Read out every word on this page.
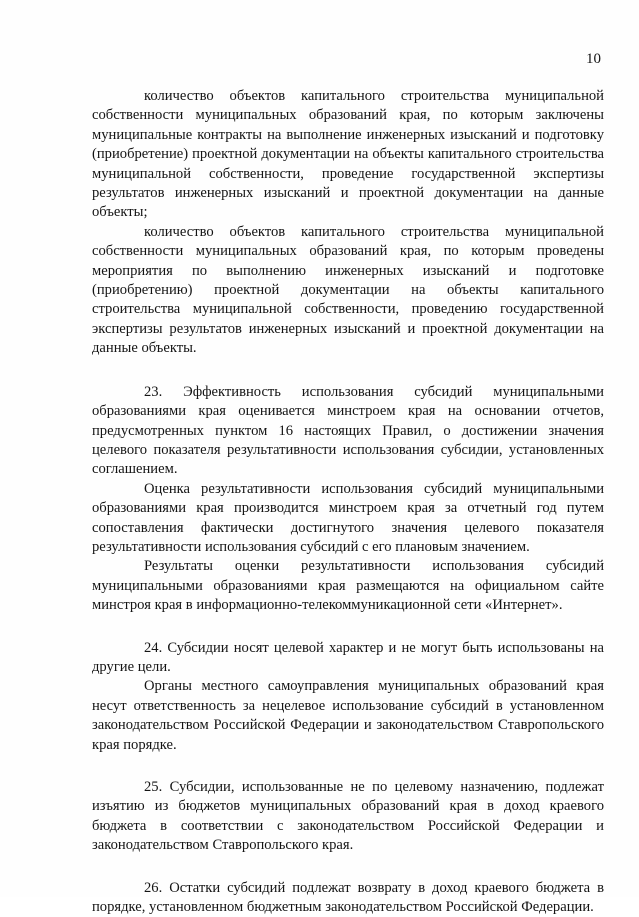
10

количество объектов капитального строительства муниципальной собственности муниципальных образований края, по которым заключены муниципальные контракты на выполнение инженерных изысканий и подготовку (приобретение) проектной документации на объекты капитального строительства муниципальной собственности, проведение государственной экспертизы результатов инженерных изысканий и проектной документации на данные объекты;

количество объектов капитального строительства муниципальной собственности муниципальных образований края, по которым проведены мероприятия по выполнению инженерных изысканий и подготовке (приобретению) проектной документации на объекты капитального строительства муниципальной собственности, проведению государственной экспертизы результатов инженерных изысканий и проектной документации на данные объекты.

23. Эффективность использования субсидий муниципальными образованиями края оценивается минстроем края на основании отчетов, предусмотренных пунктом 16 настоящих Правил, о достижении значения целевого показателя результативности использования субсидии, установленных соглашением.

Оценка результативности использования субсидий муниципальными образованиями края производится минстроем края за отчетный год путем сопоставления фактически достигнутого значения целевого показателя результативности использования субсидий с его плановым значением.

Результаты оценки результативности использования субсидий муниципальными образованиями края размещаются на официальном сайте минстроя края в информационно-телекоммуникационной сети «Интернет».

24. Субсидии носят целевой характер и не могут быть использованы на другие цели.

Органы местного самоуправления муниципальных образований края несут ответственность за нецелевое использование субсидий в установленном законодательством Российской Федерации и законодательством Ставропольского края порядке.

25. Субсидии, использованные не по целевому назначению, подлежат изъятию из бюджетов муниципальных образований края в доход краевого бюджета в соответствии с законодательством Российской Федерации и законодательством Ставропольского края.

26. Остатки субсидий подлежат возврату в доход краевого бюджета в порядке, установленном бюджетным законодательством Российской Федерации.
